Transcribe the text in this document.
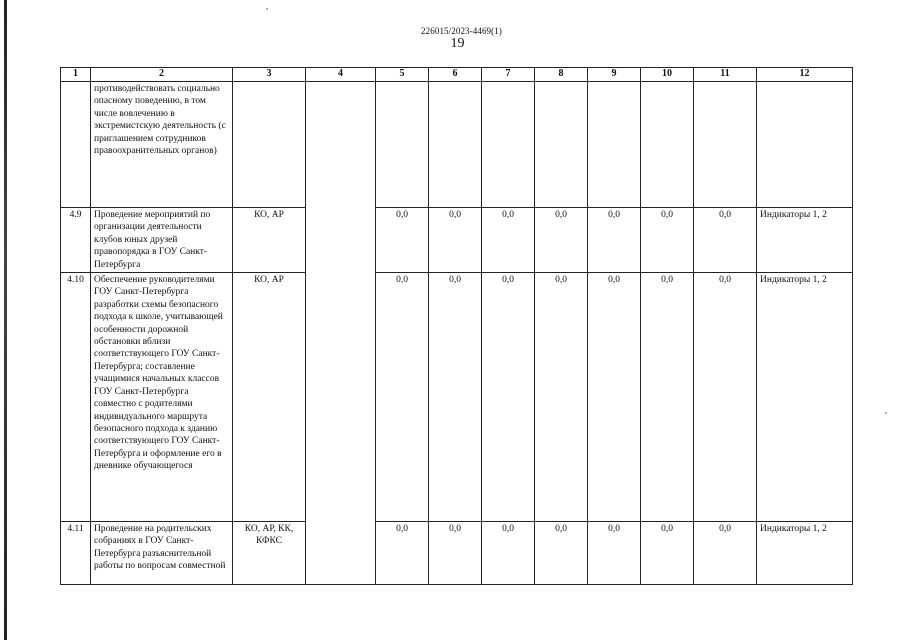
226015/2023-4469(1)
19
1	2	3	4	5	6	7	8	9	10	11	12
	противодействовать социально опасному поведению, в том числе вовлечению в экстремистскую деятельность (с приглашением сотрудников правоохранительных органов)										
4.9	Проведение мероприятий по организации деятельности клубов юных друзей правопорядка в ГОУ Санкт-Петербурга	КО, АР		0,0	0,0	0,0	0,0	0,0	0,0	0,0	Индикаторы 1, 2
4.10	Обеспечение руководителями ГОУ Санкт-Петербурга разработки схемы безопасного подхода к школе, учитывающей особенности дорожной обстановки вблизи соответствующего ГОУ Санкт-Петербурга; составление учащимися начальных классов ГОУ Санкт-Петербурга совместно с родителями индивидуального маршрута безопасного подхода к зданию соответствующего ГОУ Санкт-Петербурга и оформление его в дневнике обучающегося	КО, АР		0,0	0,0	0,0	0,0	0,0	0,0	0,0	Индикаторы 1, 2
4.11	Проведение на родительских собраниях в ГОУ Санкт-Петербурга разъяснительной работы по вопросам совместной	КО, АР, КК, КФКС		0,0	0,0	0,0	0,0	0,0	0,0	0,0	Индикаторы 1, 2
